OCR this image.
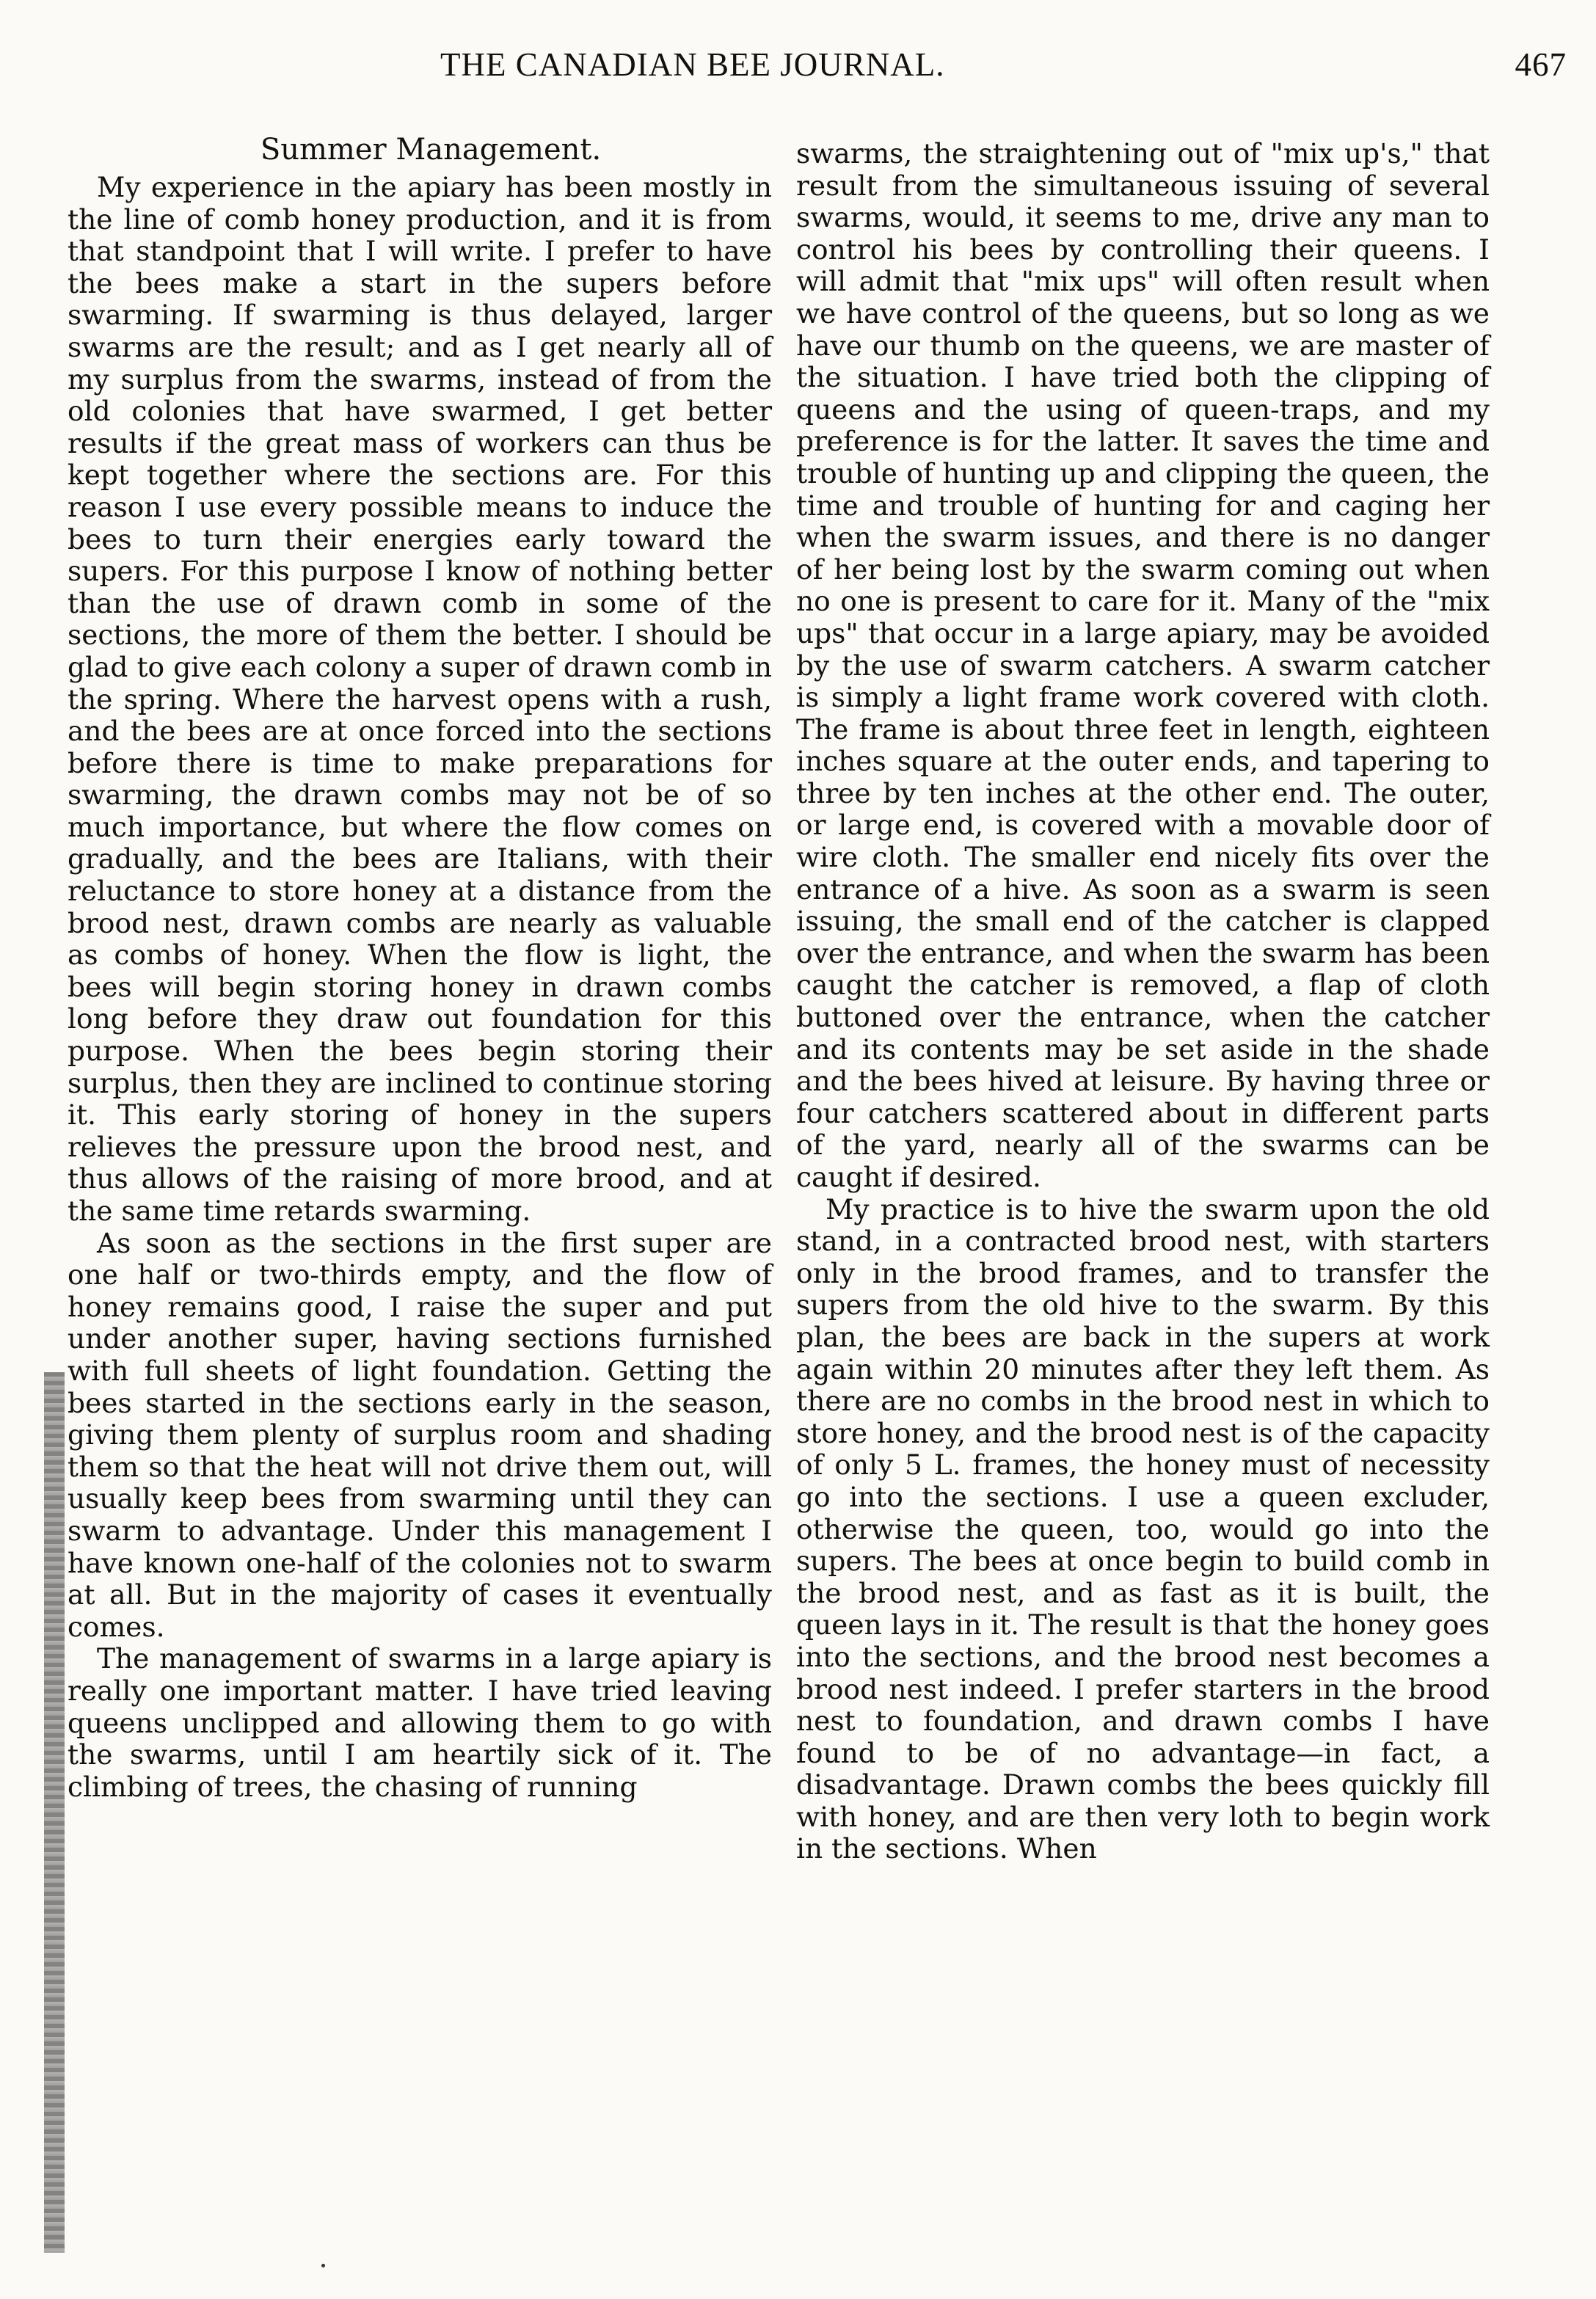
THE CANADIAN BEE JOURNAL.	467
Summer Management.

My experience in the apiary has been mostly in the line of comb honey production, and it is from that standpoint that I will write. I prefer to have the bees make a start in the supers before swarming. If swarming is thus delayed, larger swarms are the result; and as I get nearly all of my surplus from the swarms, instead of from the old colonies that have swarmed, I get better results if the great mass of workers can thus be kept together where the sections are. For this reason I use every possible means to induce the bees to turn their energies early toward the supers. For this purpose I know of nothing better than the use of drawn comb in some of the sections, the more of them the better. I should be glad to give each colony a super of drawn comb in the spring. Where the harvest opens with a rush, and the bees are at once forced into the sections before there is time to make preparations for swarming, the drawn combs may not be of so much importance, but where the flow comes on gradually, and the bees are Italians, with their reluctance to store honey at a distance from the brood nest, drawn combs are nearly as valuable as combs of honey. When the flow is light, the bees will begin storing honey in drawn combs long before they draw out foundation for this purpose. When the bees begin storing their surplus, then they are inclined to continue storing it. This early storing of honey in the supers relieves the pressure upon the brood nest, and thus allows of the raising of more brood, and at the same time retards swarming.

As soon as the sections in the first super are one half or two-thirds empty, and the flow of honey remains good, I raise the super and put under another super, having sections furnished with full sheets of light foundation. Getting the bees started in the sections early in the season, giving them plenty of surplus room and shading them so that the heat will not drive them out, will usually keep bees from swarming until they can swarm to advantage. Under this management I have known one-half of the colonies not to swarm at all. But in the majority of cases it eventually comes.

The management of swarms in a large apiary is really one important matter. I have tried leaving queens unclipped and allowing them to go with the swarms, until I am heartily sick of it. The climbing of trees, the chasing of running

swarms, the straightening out of "mix up's," that result from the simultaneous issuing of several swarms, would, it seems to me, drive any man to control his bees by controlling their queens. I will admit that "mix ups" will often result when we have control of the queens, but so long as we have our thumb on the queens, we are master of the situation. I have tried both the clipping of queens and the using of queen-traps, and my preference is for the latter. It saves the time and trouble of hunting up and clipping the queen, the time and trouble of hunting for and caging her when the swarm issues, and there is no danger of her being lost by the swarm coming out when no one is present to care for it. Many of the "mix ups" that occur in a large apiary, may be avoided by the use of swarm catchers. A swarm catcher is simply a light frame work covered with cloth. The frame is about three feet in length, eighteen inches square at the outer ends, and tapering to three by ten inches at the other end. The outer, or large end, is covered with a movable door of wire cloth. The smaller end nicely fits over the entrance of a hive. As soon as a swarm is seen issuing, the small end of the catcher is clapped over the entrance, and when the swarm has been caught the catcher is removed, a flap of cloth buttoned over the entrance, when the catcher and its contents may be set aside in the shade and the bees hived at leisure. By having three or four catchers scattered about in different parts of the yard, nearly all of the swarms can be caught if desired.

My practice is to hive the swarm upon the old stand, in a contracted brood nest, with starters only in the brood frames, and to transfer the supers from the old hive to the swarm. By this plan, the bees are back in the supers at work again within 20 minutes after they left them. As there are no combs in the brood nest in which to store honey, and the brood nest is of the capacity of only 5 L. frames, the honey must of necessity go into the sections. I use a queen excluder, otherwise the queen, too, would go into the supers. The bees at once begin to build comb in the brood nest, and as fast as it is built, the queen lays in it. The result is that the honey goes into the sections, and the brood nest becomes a brood nest indeed. I prefer starters in the brood nest to foundation, and drawn combs I have found to be of no advantage—in fact, a disadvantage. Drawn combs the bees quickly fill with honey, and are then very loth to begin work in the sections. When
